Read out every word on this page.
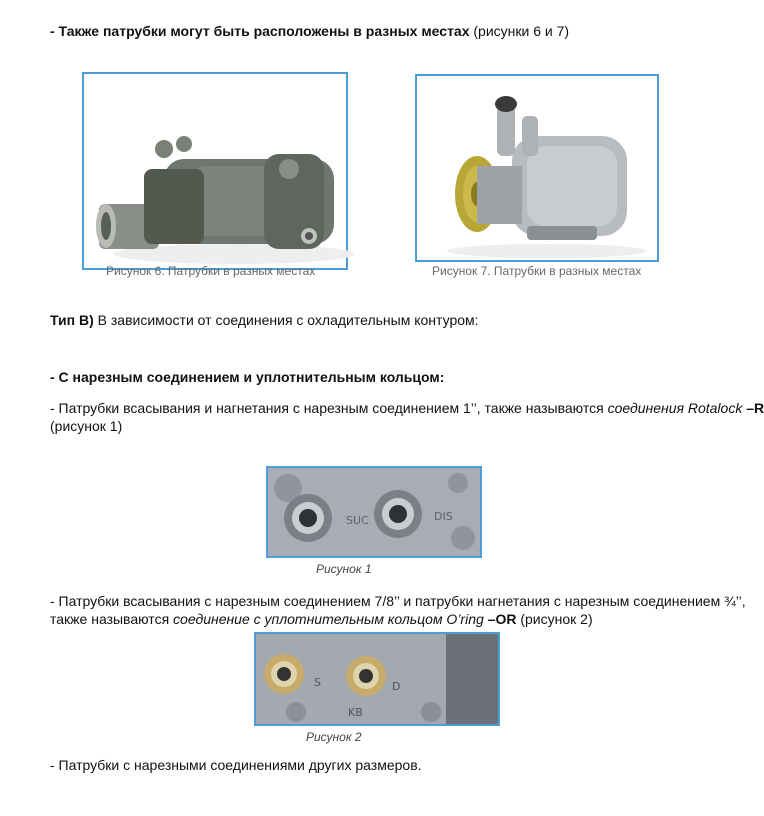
- Также патрубки могут быть расположены в разных местах (рисунки 6 и 7)
Рисунок 6. Патрубки в разных местах	Рисунок 7. Патрубки в разных местах
Тип В) В зависимости от соединения с охладительным контуром:
- С нарезным соединением и уплотнительным кольцом:
- Патрубки всасывания и нагнетания с нарезным соединением 1’’, также называются соединения Rotalock –R
(рисунок 1)
SUC	DIS
Рисунок 1
- Патрубки всасывания с нарезным соединением 7/8’’ и патрубки нагнетания с нарезным соединением ¾’’,
также называются соединение с уплотнительным кольцом O’ring –OR (рисунок 2)
S	D
KB
Рисунок 2
- Патрубки с нарезными соединениями других размеров.
